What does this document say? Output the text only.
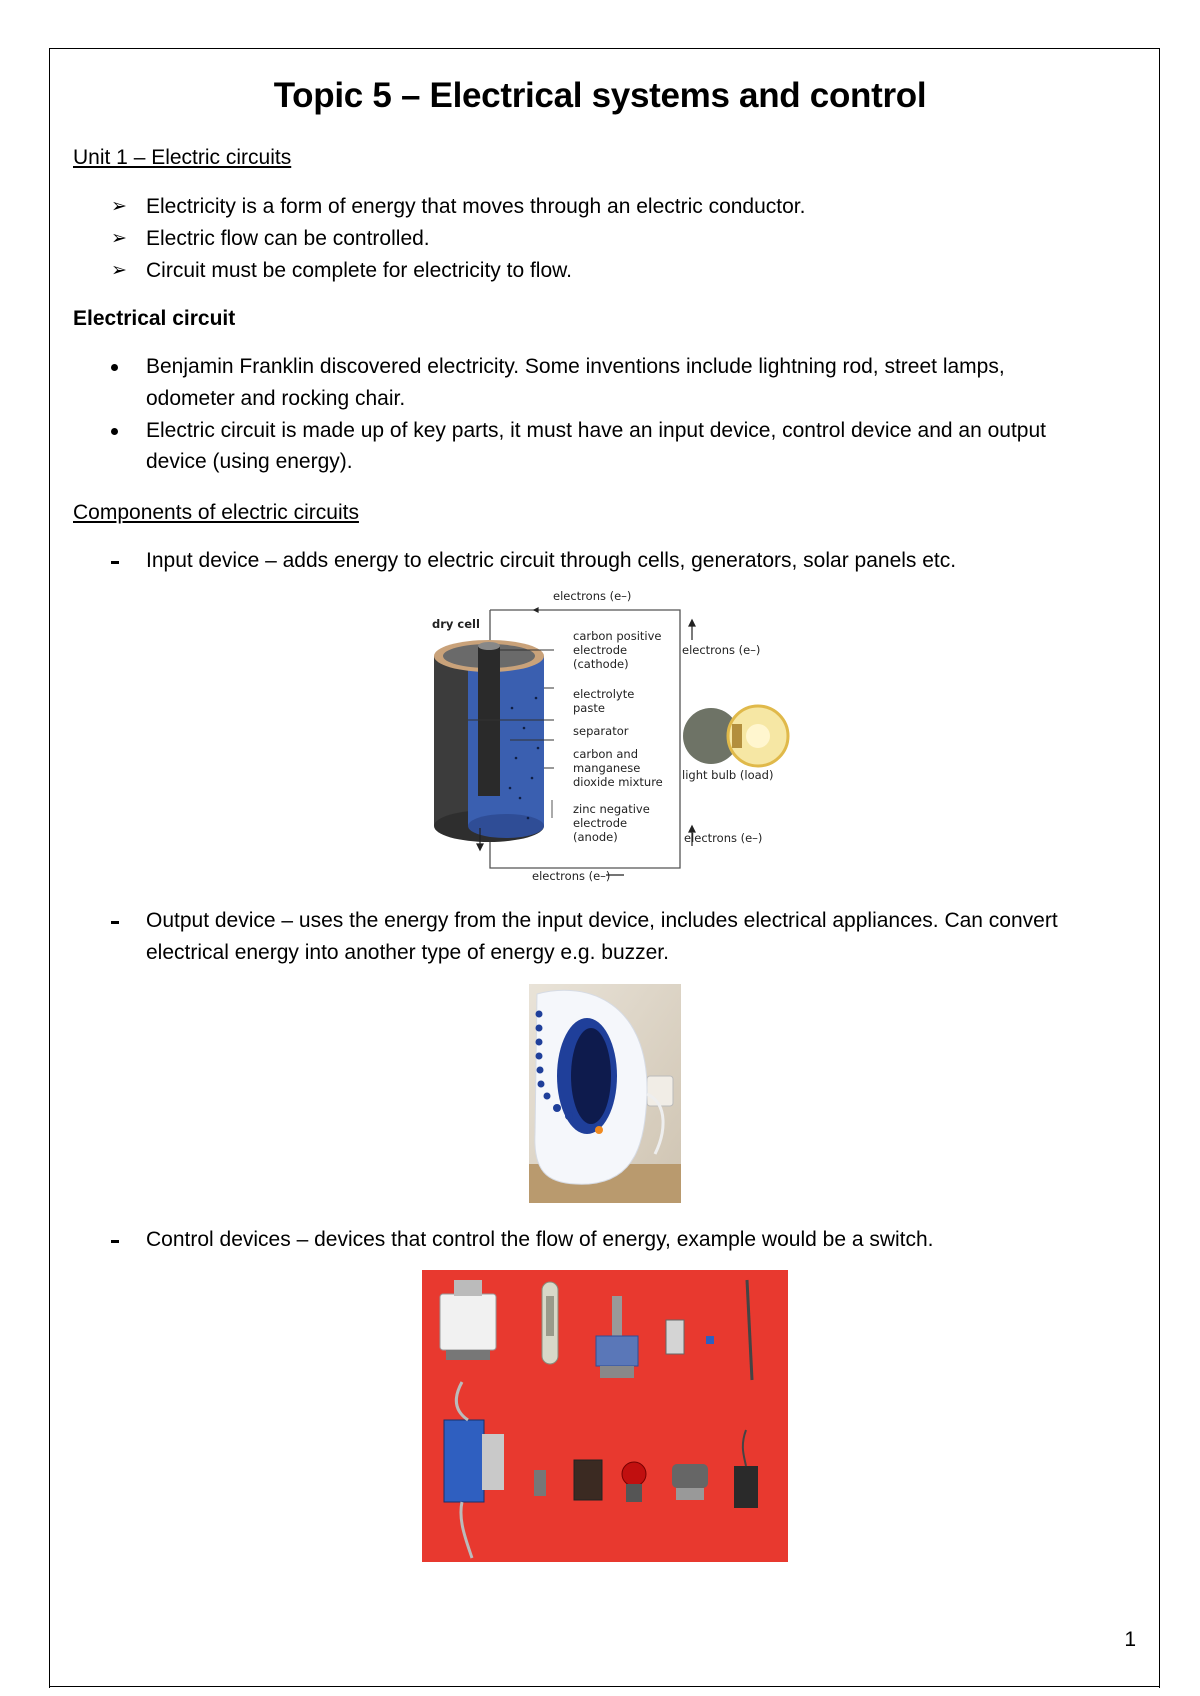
Topic 5 – Electrical systems and control
Unit 1 – Electric circuits
➢ Electricity is a form of energy that moves through an electric conductor.
➢ Electric flow can be controlled.
➢ Circuit must be complete for electricity to flow.
Electrical circuit
Benjamin Franklin discovered electricity. Some inventions include lightning rod, street lamps,
odometer and rocking chair.
Electric circuit is made up of key parts, it must have an input device, control device and an output
device (using energy).
Components of electric circuits
Input device – adds energy to electric circuit through cells, generators, solar panels etc.
electrons (e–)
dry cell
carbon positive
electrode
(cathode)
electrons (e–)
electrolyte
paste
separator
carbon and
manganese
dioxide mixture light bulb (load)
zinc negative
electrode
(anode)	electrons (e–)
electrons (e–)
Output device – uses the energy from the input device, includes electrical appliances. Can convert
electrical energy into another type of energy e.g. buzzer.
Control devices – devices that control the flow of energy, example would be a switch.
1
